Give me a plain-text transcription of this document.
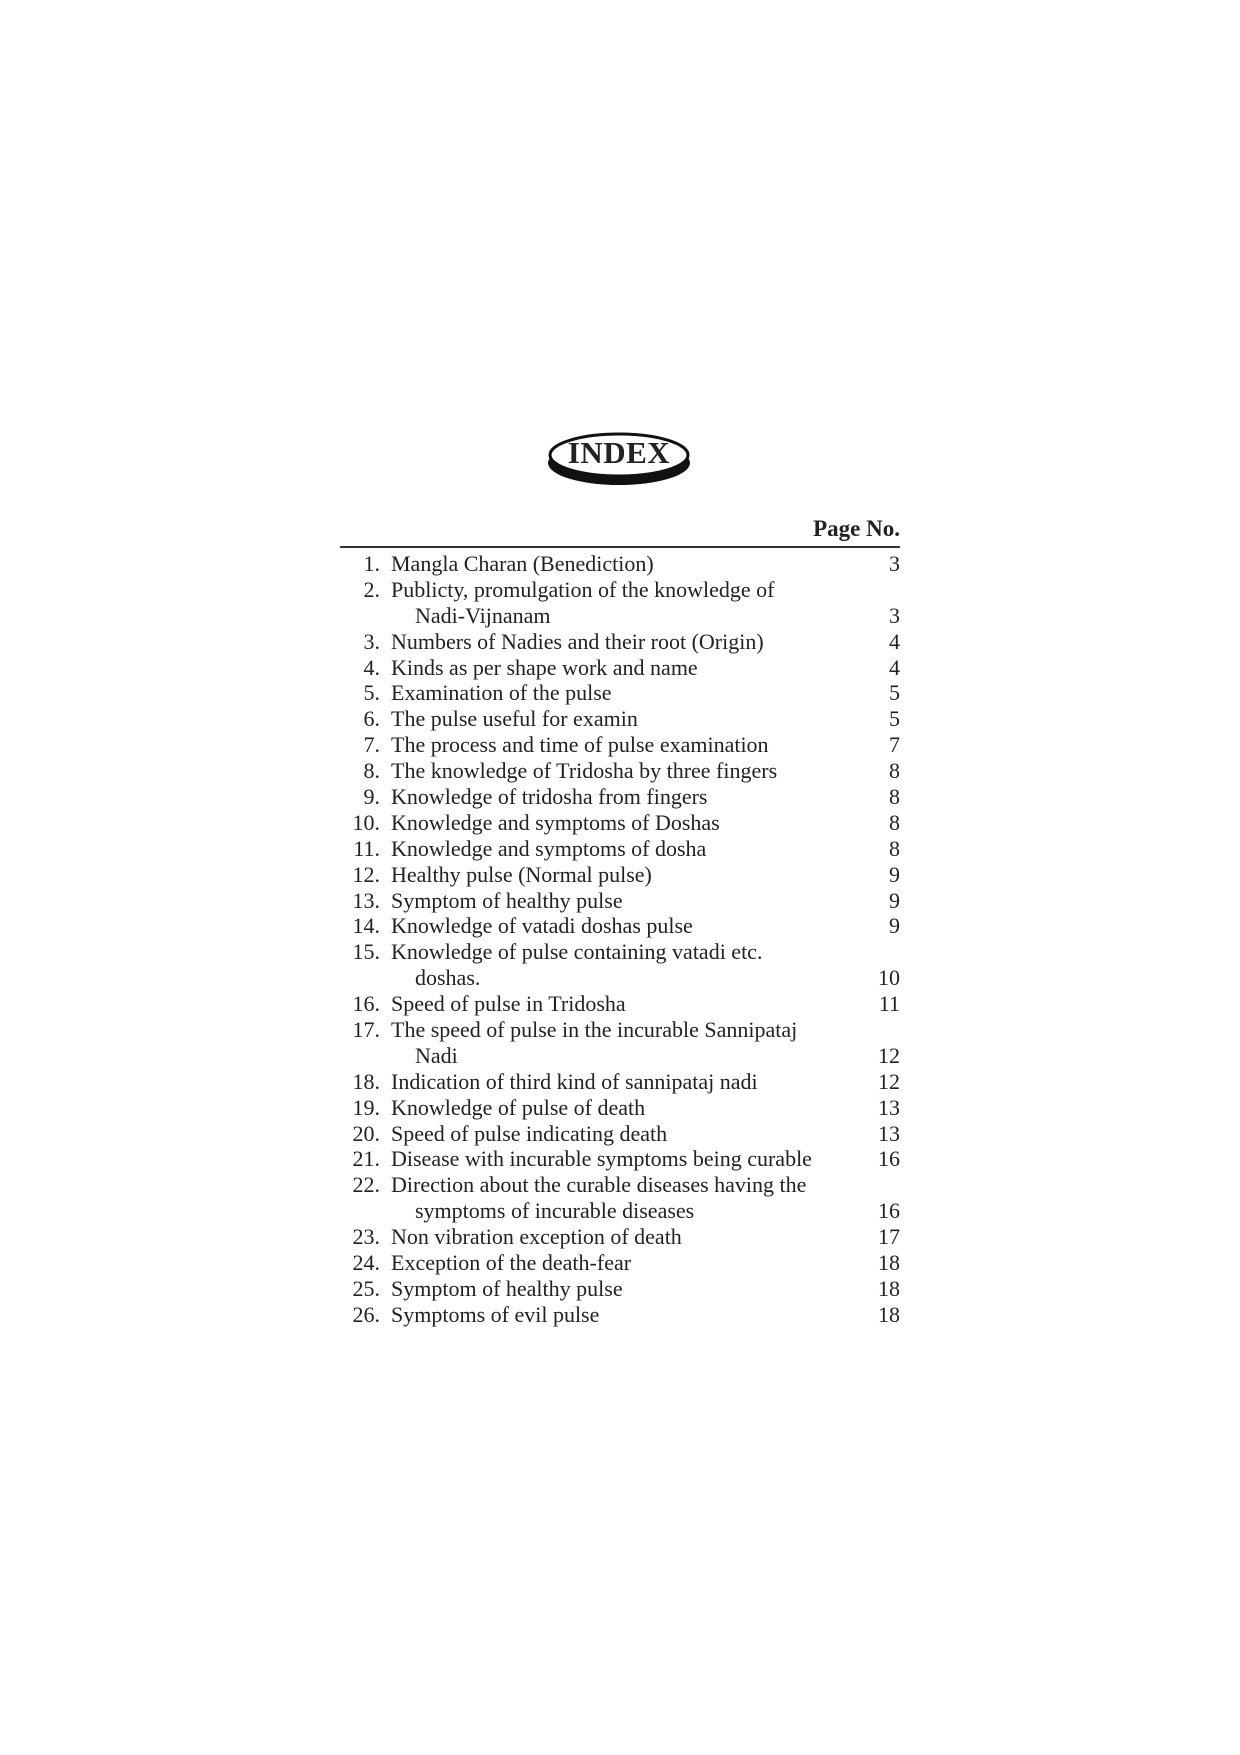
INDEX
Page No.
1. Mangla Charan (Benediction)	3
2. Publicty, promulgation of the knowledge of
Nadi-Vijnanam	3
3. Numbers of Nadies and their root (Origin)	4
4. Kinds as per shape work and name	4
5. Examination of the pulse	5
6. The pulse useful for examin	5
7. The process and time of pulse examination	7
8. The knowledge of Tridosha by three fingers	8
9. Knowledge of tridosha from fingers	8
10. Knowledge and symptoms of Doshas	8
11. Knowledge and symptoms of dosha	8
12. Healthy pulse (Normal pulse)	9
13. Symptom of healthy pulse	9
14. Knowledge of vatadi doshas pulse	9
15. Knowledge of pulse containing vatadi etc.
doshas.	10
16. Speed of pulse in Tridosha	11
17. The speed of pulse in the incurable Sannipataj
Nadi	12
18. Indication of third kind of sannipataj nadi	12
19. Knowledge of pulse of death	13
20. Speed of pulse indicating death	13
21. Disease with incurable symptoms being curable	16
22. Direction about the curable diseases having the
symptoms of incurable diseases	16
23. Non vibration exception of death	17
24. Exception of the death-fear	18
25. Symptom of healthy pulse	18
26. Symptoms of evil pulse	18
